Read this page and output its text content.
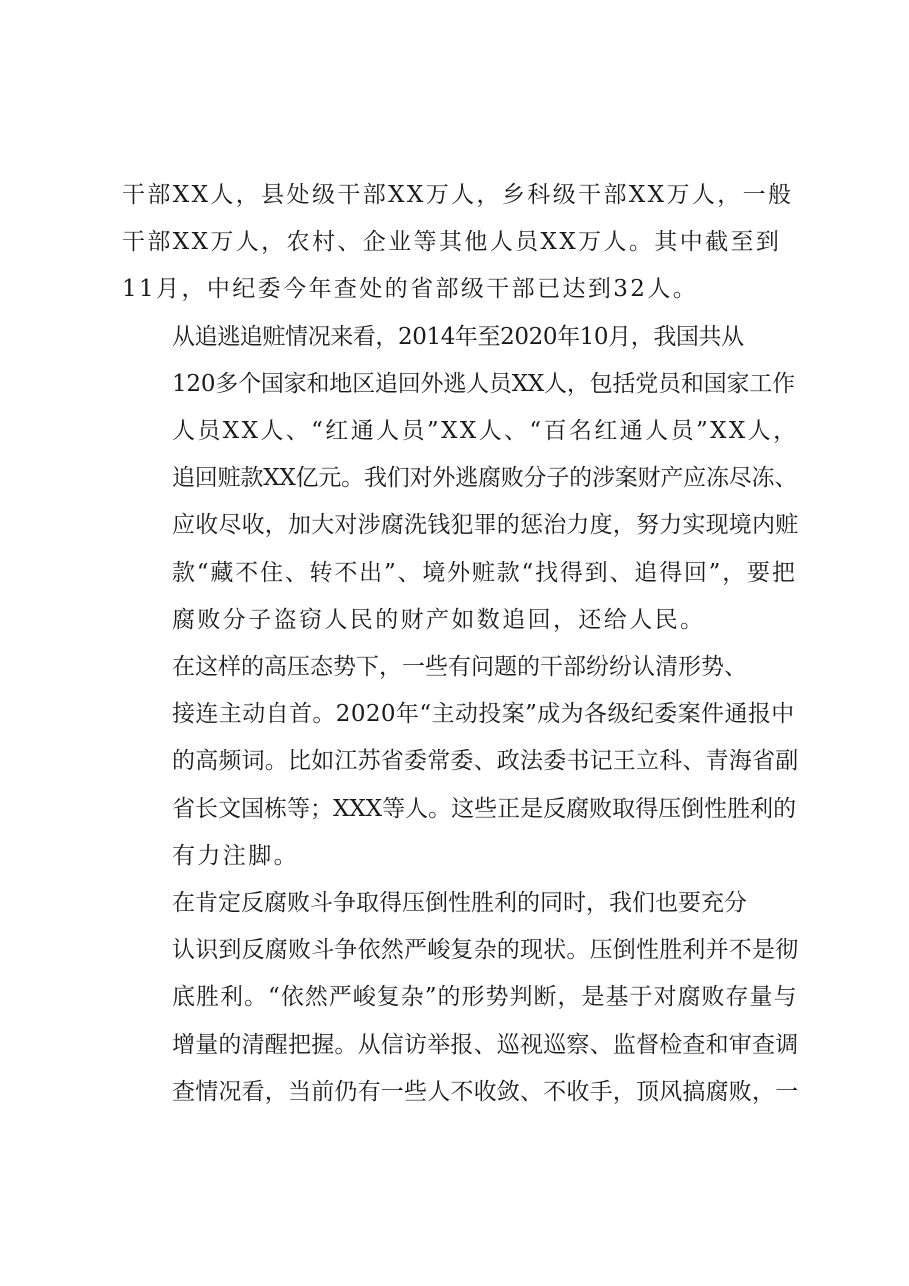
干部XX人，县处级干部XX万人，乡科级干部XX万人，一般
干部XX万人，农村、企业等其他人员XX万人。其中截至到
11月，中纪委今年查处的省部级干部已达到32人。
从追逃追赃情况来看，2014年至2020年10月，我国共从
120多个国家和地区追回外逃人员XX人，包括党员和国家工作
人员XX人、“红通人员”XX人、“百名红通人员”XX人，
追回赃款XX亿元。我们对外逃腐败分子的涉案财产应冻尽冻、
应收尽收，加大对涉腐洗钱犯罪的惩治力度，努力实现境内赃
款“藏不住、转不出”、境外赃款“找得到、追得回”，要把
腐败分子盗窃人民的财产如数追回，还给人民。
在这样的高压态势下，一些有问题的干部纷纷认清形势、
接连主动自首。2020年“主动投案”成为各级纪委案件通报中
的高频词。比如江苏省委常委、政法委书记王立科、青海省副
省长文国栋等；XXX等人。这些正是反腐败取得压倒性胜利的
有力注脚。
在肯定反腐败斗争取得压倒性胜利的同时，我们也要充分
认识到反腐败斗争依然严峻复杂的现状。压倒性胜利并不是彻
底胜利。“依然严峻复杂”的形势判断，是基于对腐败存量与
增量的清醒把握。从信访举报、巡视巡察、监督检查和审查调
查情况看，当前仍有一些人不收敛、不收手，顶风搞腐败，一
